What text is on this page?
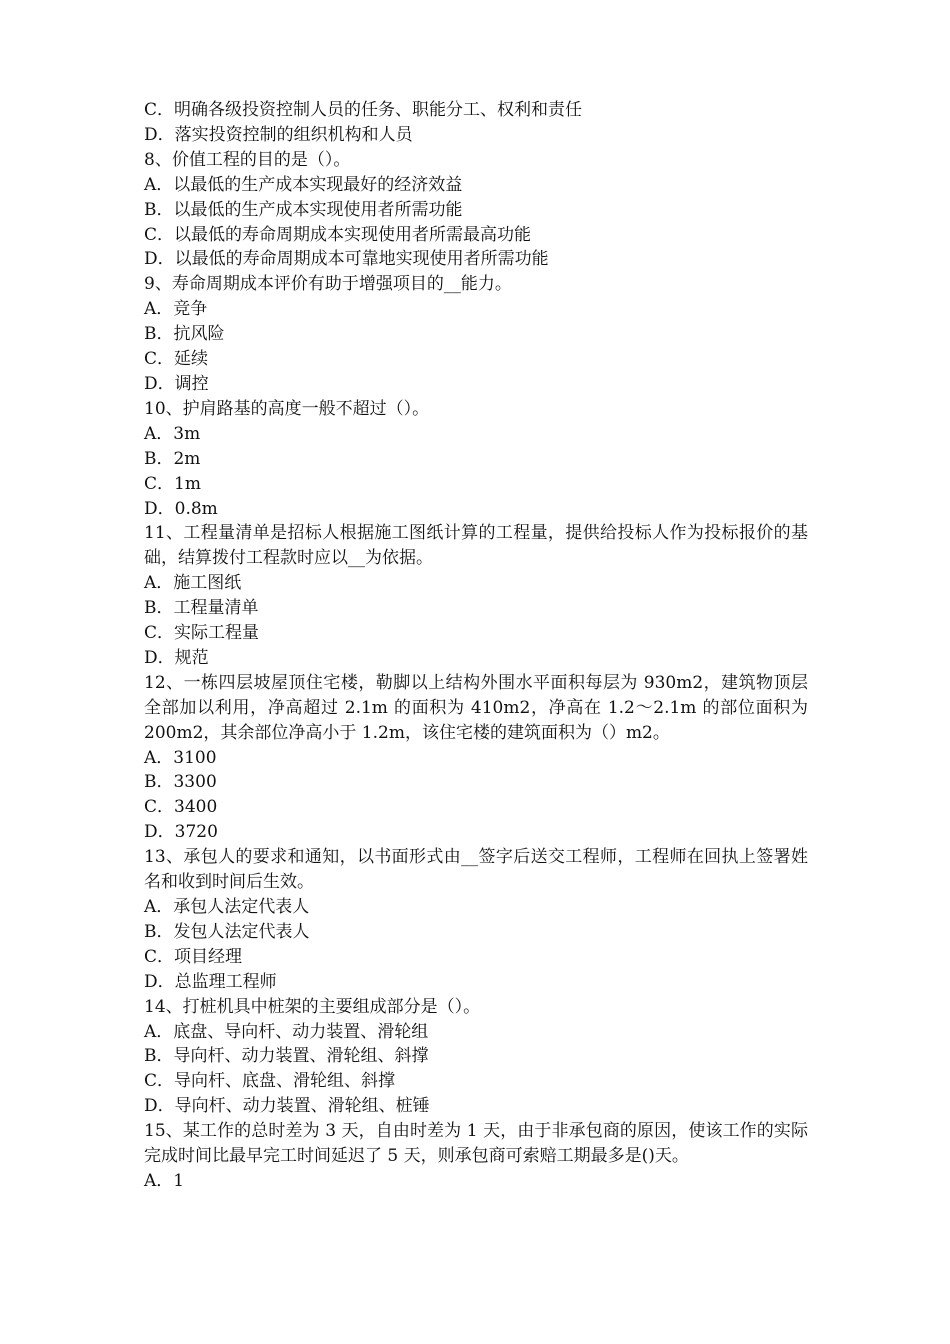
C．明确各级投资控制人员的任务、职能分工、权利和责任

D．落实投资控制的组织机构和人员

8、价值工程的目的是（）。

A．以最低的生产成本实现最好的经济效益

B．以最低的生产成本实现使用者所需功能

C．以最低的寿命周期成本实现使用者所需最高功能

D．以最低的寿命周期成本可靠地实现使用者所需功能

9、寿命周期成本评价有助于增强项目的__能力。

A．竞争

B．抗风险

C．延续

D．调控

10、护肩路基的高度一般不超过（）。

A．3m

B．2m

C．1m

D．0.8m

11、工程量清单是招标人根据施工图纸计算的工程量，提供给投标人作为投标报价的基础，结算拨付工程款时应以__为依据。

A．施工图纸

B．工程量清单

C．实际工程量

D．规范

12、一栋四层坡屋顶住宅楼，勒脚以上结构外围水平面积每层为 930m2，建筑物顶层全部加以利用，净高超过 2.1m 的面积为 410m2，净高在 1.2～2.1m 的部位面积为 200m2，其余部位净高小于 1.2m，该住宅楼的建筑面积为（）m2。

A．3100

B．3300

C．3400

D．3720

13、承包人的要求和通知，以书面形式由__签字后送交工程师，工程师在回执上签署姓名和收到时间后生效。

A．承包人法定代表人

B．发包人法定代表人

C．项目经理

D．总监理工程师

14、打桩机具中桩架的主要组成部分是（）。

A．底盘、导向杆、动力装置、滑轮组

B．导向杆、动力装置、滑轮组、斜撑

C．导向杆、底盘、滑轮组、斜撑

D．导向杆、动力装置、滑轮组、桩锤

15、某工作的总时差为 3 天，自由时差为 1 天，由于非承包商的原因，使该工作的实际完成时间比最早完工时间延迟了 5 天，则承包商可索赔工期最多是()天。

A．1
